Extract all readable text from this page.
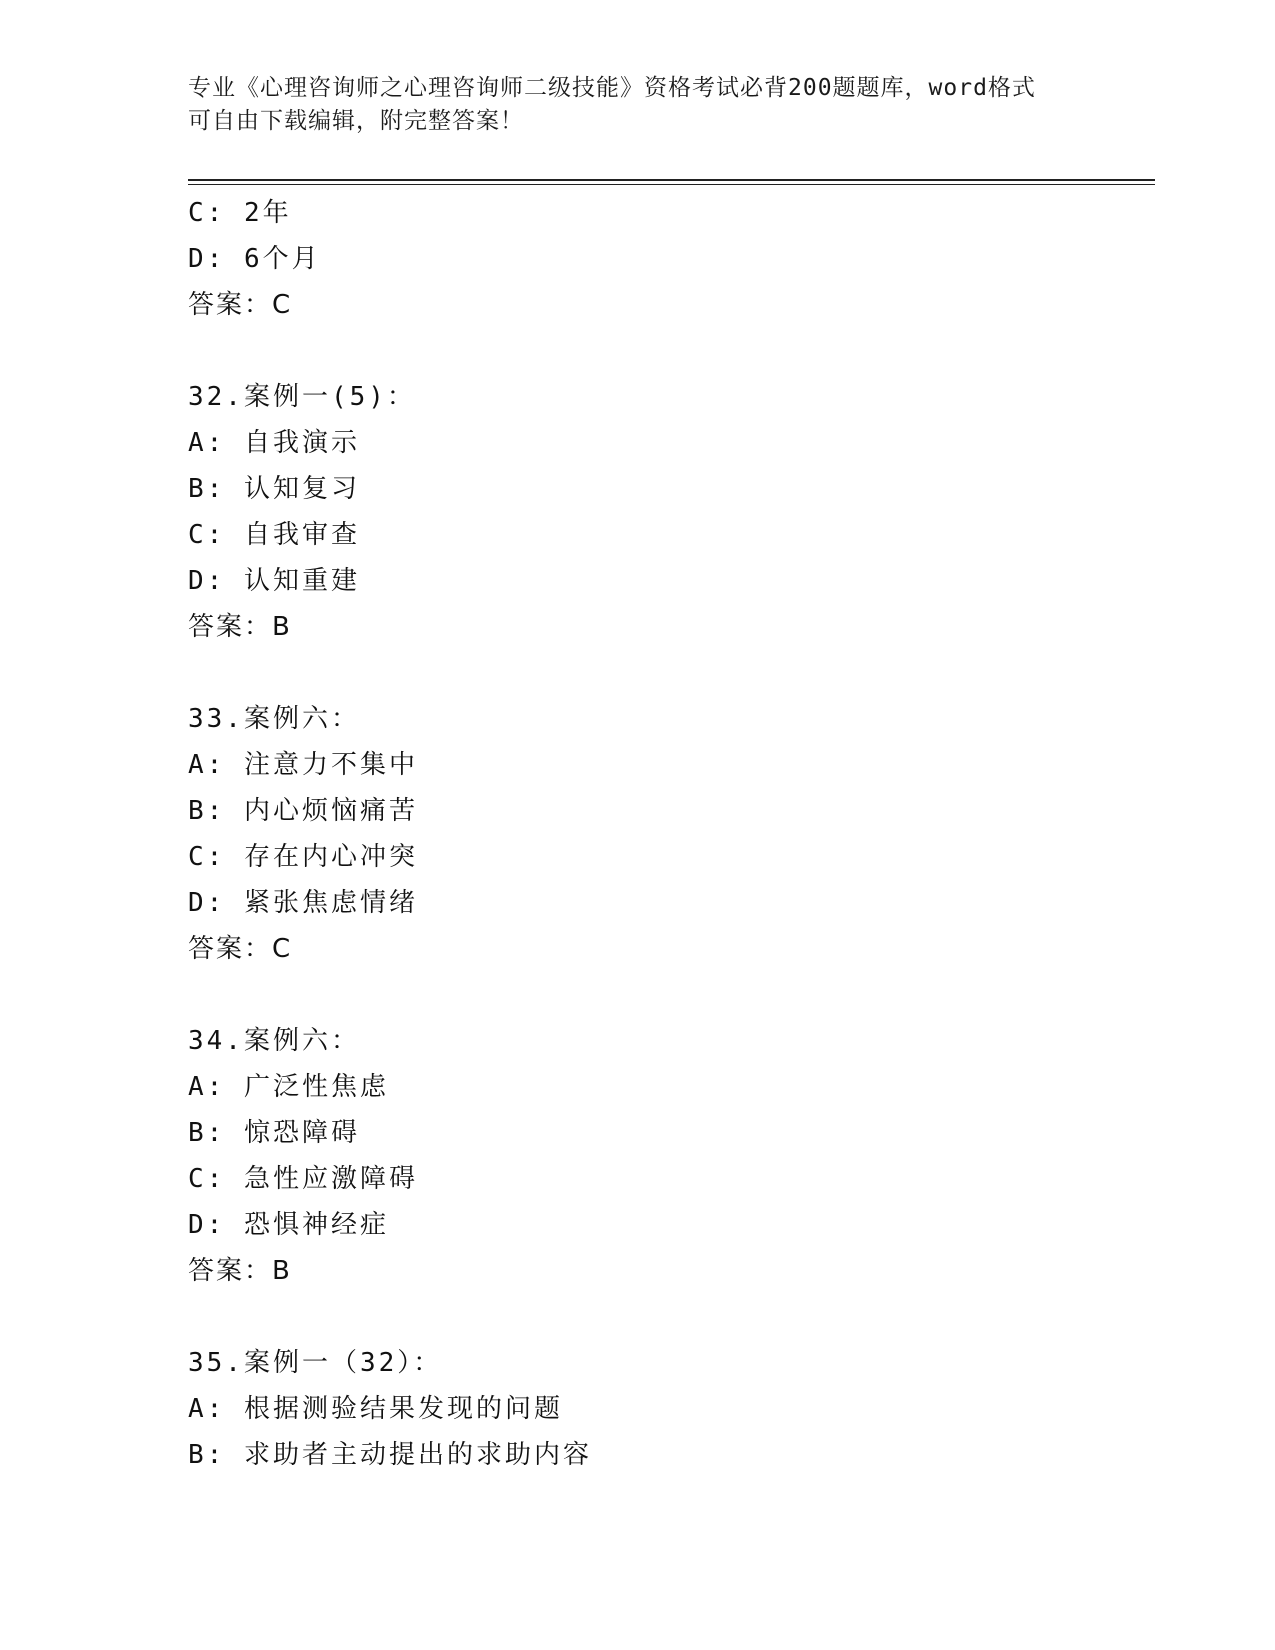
专业《心理咨询师之心理咨询师二级技能》资格考试必背200题题库，word格式
可自由下载编辑，附完整答案！
C: 2年
D: 6个月
答案：C
32.案例一(5)：
A: 自我演示
B: 认知复习
C: 自我审查
D: 认知重建
答案：B
33.案例六：
A: 注意力不集中
B: 内心烦恼痛苦
C: 存在内心冲突
D: 紧张焦虑情绪
答案：C
34.案例六：
A: 广泛性焦虑
B: 惊恐障碍
C: 急性应激障碍
D: 恐惧神经症
答案：B
35.案例一（32）：
A: 根据测验结果发现的问题
B: 求助者主动提出的求助内容
